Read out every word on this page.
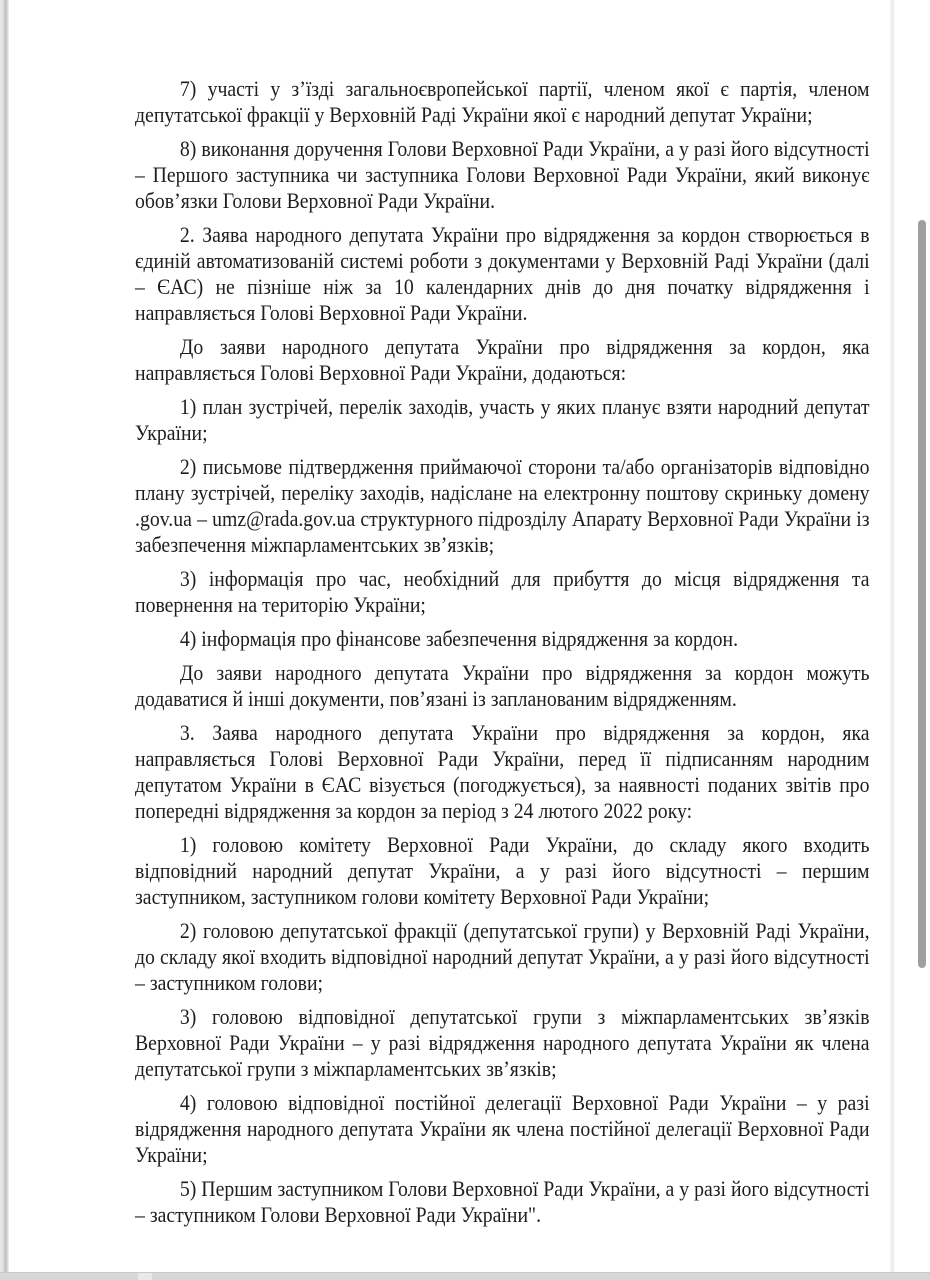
7) участі у з’їзді загальноєвропейської партії, членом якої є партія, членом депутатської фракції у Верховній Раді України якої є народний депутат України;

8) виконання доручення Голови Верховної Ради України, а у разі його відсутності – Першого заступника чи заступника Голови Верховної Ради України, який виконує обов’язки Голови Верховної Ради України.

2. Заява народного депутата України про відрядження за кордон створюється в єдиній автоматизованій системі роботи з документами у Верховній Раді України (далі – ЄАС) не пізніше ніж за 10 календарних днів до дня початку відрядження і направляється Голові Верховної Ради України.

До заяви народного депутата України про відрядження за кордон, яка направляється Голові Верховної Ради України, додаються:

1) план зустрічей, перелік заходів, участь у яких планує взяти народний депутат України;

2) письмове підтвердження приймаючої сторони та/або організаторів відповідно плану зустрічей, переліку заходів, надіслане на електронну поштову скриньку домену .gov.ua – umz@rada.gov.ua структурного підрозділу Апарату Верховної Ради України із забезпечення міжпарламентських зв’язків;

3) інформація про час, необхідний для прибуття до місця відрядження та повернення на територію України;

4) інформація про фінансове забезпечення відрядження за кордон.

До заяви народного депутата України про відрядження за кордон можуть додаватися й інші документи, пов’язані із запланованим відрядженням.

3. Заява народного депутата України про відрядження за кордон, яка направляється Голові Верховної Ради України, перед її підписанням народним депутатом України в ЄАС візується (погоджується), за наявності поданих звітів про попередні відрядження за кордон за період з 24 лютого 2022 року:

1) головою комітету Верховної Ради України, до складу якого входить відповідний народний депутат України, а у разі його відсутності – першим заступником, заступником голови комітету Верховної Ради України;

2) головою депутатської фракції (депутатської групи) у Верховній Раді України, до складу якої входить відповідної народний депутат України, а у разі його відсутності – заступником голови;

3) головою відповідної депутатської групи з міжпарламентських зв’язків Верховної Ради України – у разі відрядження народного депутата України як члена депутатської групи з міжпарламентських зв’язків;

4) головою відповідної постійної делегації Верховної Ради України – у разі відрядження народного депутата України як члена постійної делегації Верховної Ради України;

5) Першим заступником Голови Верховної Ради України, а у разі його відсутності – заступником Голови Верховної Ради України".
